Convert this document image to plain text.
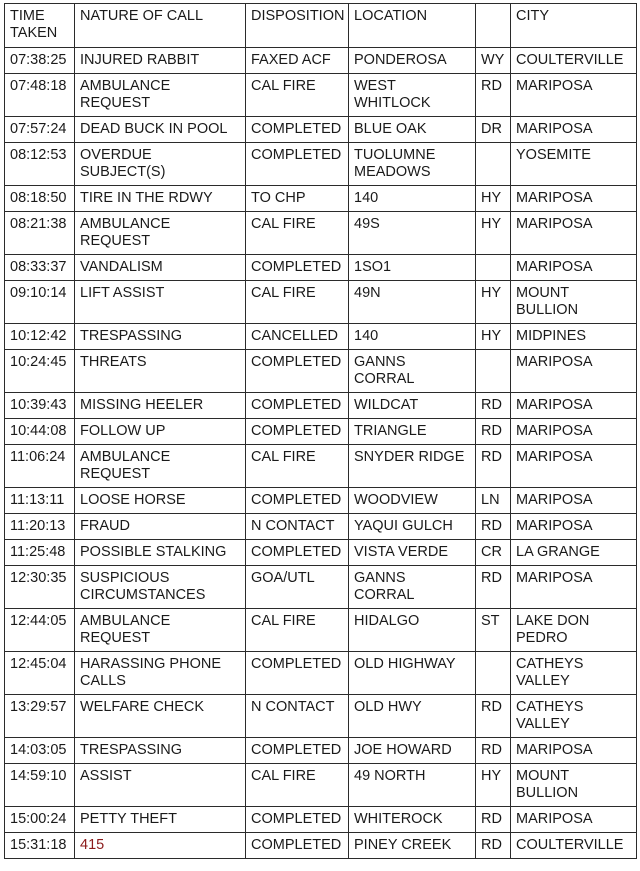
TIME TAKEN	NATURE OF CALL	DISPOSITION	LOCATION		CITY
07:38:25	INJURED RABBIT	FAXED ACF	PONDEROSA	WY	COULTERVILLE
07:48:18	AMBULANCE REQUEST	CAL FIRE	WEST WHITLOCK	RD	MARIPOSA
07:57:24	DEAD BUCK IN POOL	COMPLETED	BLUE OAK	DR	MARIPOSA
08:12:53	OVERDUE SUBJECT(S)	COMPLETED	TUOLUMNE MEADOWS		YOSEMITE
08:18:50	TIRE IN THE RDWY	TO CHP	140	HY	MARIPOSA
08:21:38	AMBULANCE REQUEST	CAL FIRE	49S	HY	MARIPOSA
08:33:37	VANDALISM	COMPLETED	1SO1		MARIPOSA
09:10:14	LIFT ASSIST	CAL FIRE	49N	HY	MOUNT BULLION
10:12:42	TRESPASSING	CANCELLED	140	HY	MIDPINES
10:24:45	THREATS	COMPLETED	GANNS CORRAL		MARIPOSA
10:39:43	MISSING HEELER	COMPLETED	WILDCAT	RD	MARIPOSA
10:44:08	FOLLOW UP	COMPLETED	TRIANGLE	RD	MARIPOSA
11:06:24	AMBULANCE REQUEST	CAL FIRE	SNYDER RIDGE	RD	MARIPOSA
11:13:11	LOOSE HORSE	COMPLETED	WOODVIEW	LN	MARIPOSA
11:20:13	FRAUD	N CONTACT	YAQUI GULCH	RD	MARIPOSA
11:25:48	POSSIBLE STALKING	COMPLETED	VISTA VERDE	CR	LA GRANGE
12:30:35	SUSPICIOUS CIRCUMSTANCES	GOA/UTL	GANNS CORRAL	RD	MARIPOSA
12:44:05	AMBULANCE REQUEST	CAL FIRE	HIDALGO	ST	LAKE DON PEDRO
12:45:04	HARASSING PHONE CALLS	COMPLETED	OLD HIGHWAY		CATHEYS VALLEY
13:29:57	WELFARE CHECK	N CONTACT	OLD HWY	RD	CATHEYS VALLEY
14:03:05	TRESPASSING	COMPLETED	JOE HOWARD	RD	MARIPOSA
14:59:10	ASSIST	CAL FIRE	49 NORTH	HY	MOUNT BULLION
15:00:24	PETTY THEFT	COMPLETED	WHITEROCK	RD	MARIPOSA
15:31:18	415	COMPLETED	PINEY CREEK	RD	COULTERVILLE
